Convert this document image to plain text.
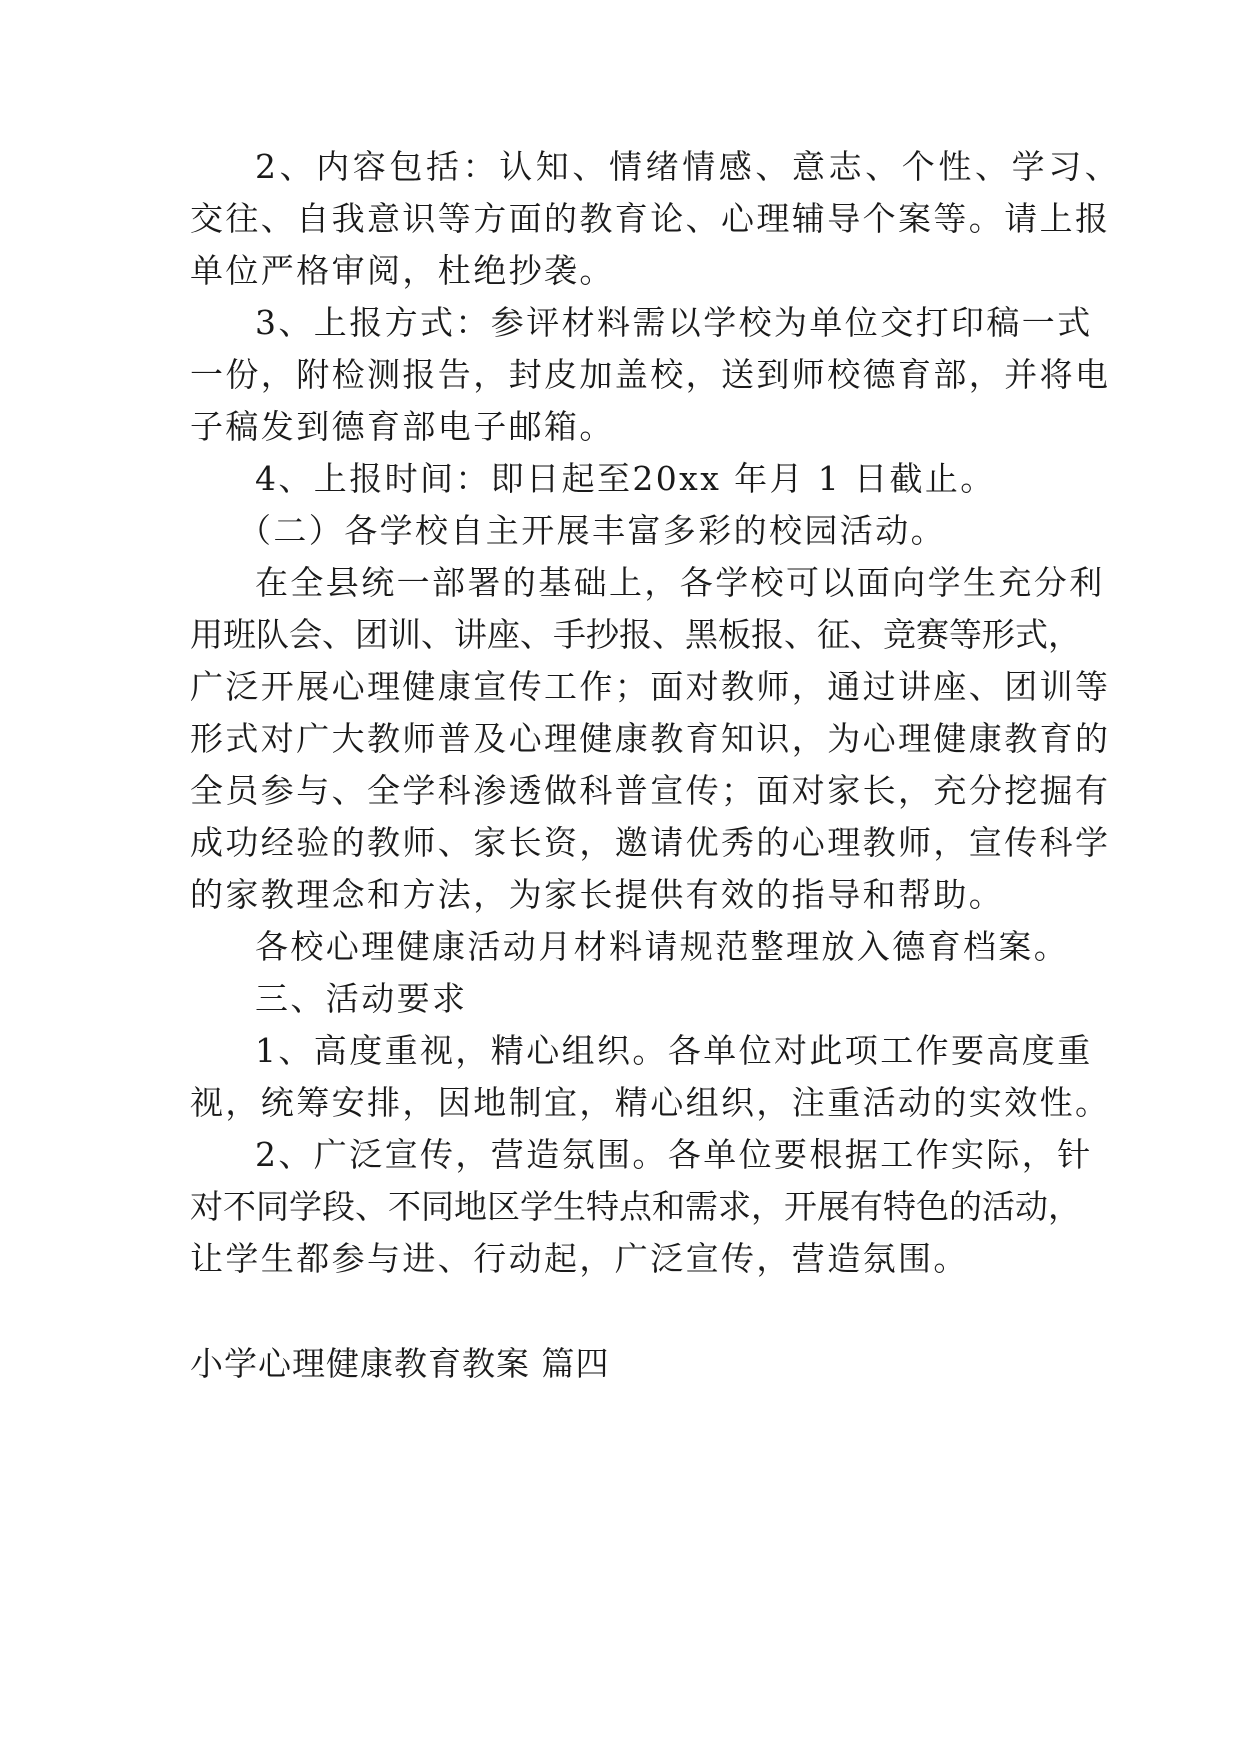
2、内容包括：认知、情绪情感、意志、个性、学习、
交往、自我意识等方面的教育论、心理辅导个案等。请上报
单位严格审阅，杜绝抄袭。
3、上报方式：参评材料需以学校为单位交打印稿一式
一份，附检测报告，封皮加盖校，送到师校德育部，并将电
子稿发到德育部电子邮箱。
4、上报时间：即日起至20xx 年月 1 日截止。
（二）各学校自主开展丰富多彩的校园活动。
在全县统一部署的基础上，各学校可以面向学生充分利
用班队会、团训、讲座、手抄报、黑板报、征、竞赛等形式，
广泛开展心理健康宣传工作；面对教师，通过讲座、团训等
形式对广大教师普及心理健康教育知识，为心理健康教育的
全员参与、全学科渗透做科普宣传；面对家长，充分挖掘有
成功经验的教师、家长资，邀请优秀的心理教师，宣传科学
的家教理念和方法，为家长提供有效的指导和帮助。
各校心理健康活动月材料请规范整理放入德育档案。
三、活动要求
1、高度重视，精心组织。各单位对此项工作要高度重
视，统筹安排，因地制宜，精心组织，注重活动的实效性。
2、广泛宣传，营造氛围。各单位要根据工作实际，针
对不同学段、不同地区学生特点和需求，开展有特色的活动，
让学生都参与进、行动起，广泛宣传，营造氛围。
小学心理健康教育教案 篇四
